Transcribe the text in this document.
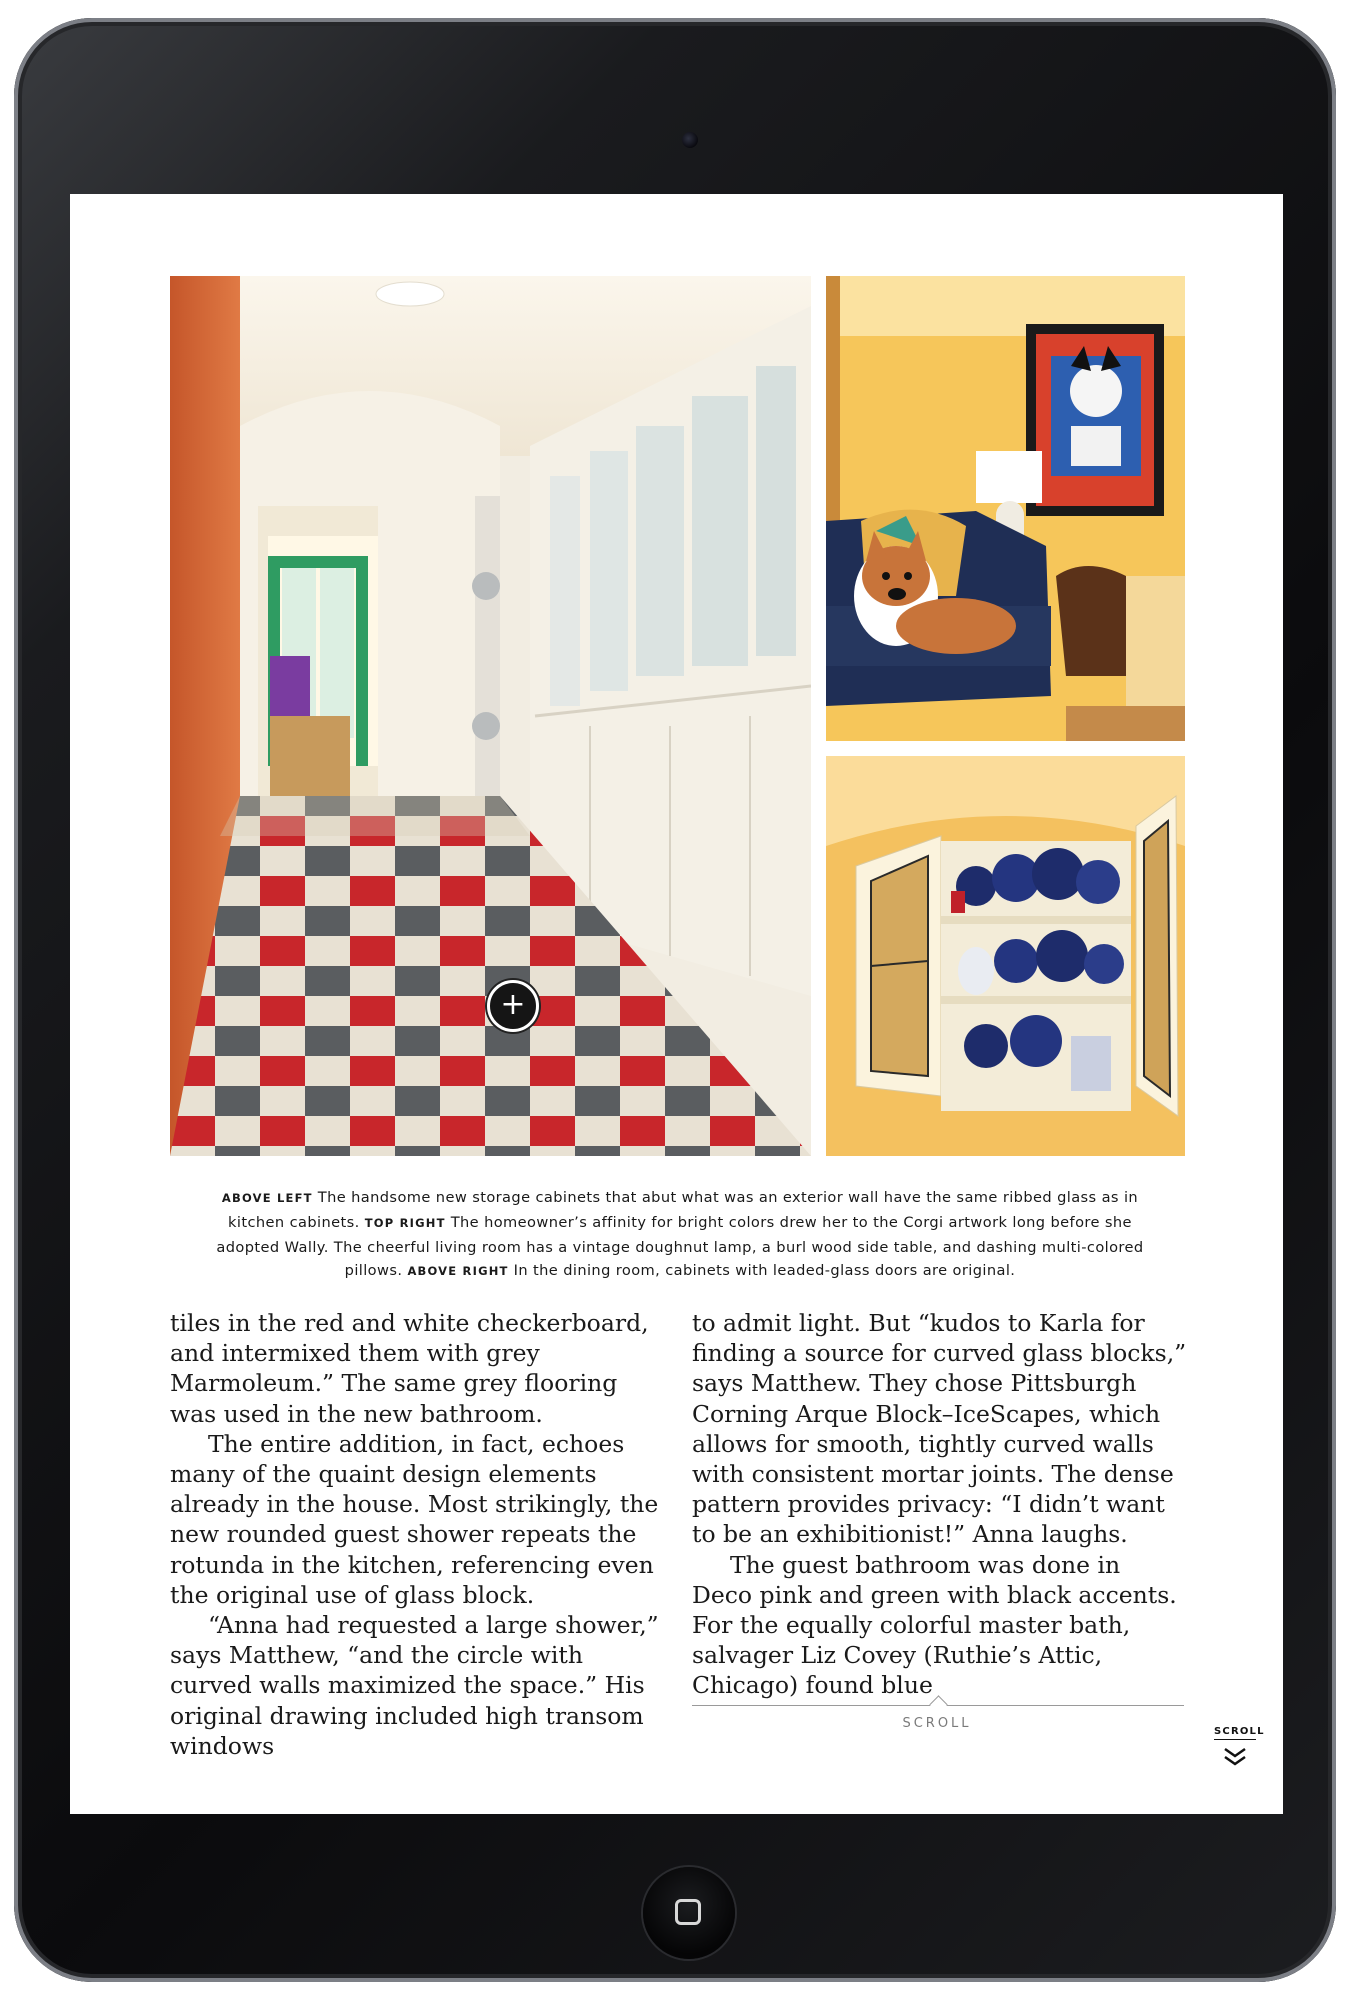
+
ABOVE LEFT The handsome new storage cabinets that abut what was an exterior wall have the same ribbed glass as in kitchen cabinets. TOP RIGHT The homeowner’s affinity for bright colors drew her to the Corgi artwork long before she adopted Wally. The cheerful living room has a vintage doughnut lamp, a burl wood side table, and dashing multi-colored pillows. ABOVE RIGHT In the dining room, cabinets with leaded-glass doors are original.

tiles in the red and white checkerboard, and intermixed them with grey Marmoleum.” The same grey flooring was used in the new bathroom.

The entire addition, in fact, echoes many of the quaint design elements already in the house. Most strikingly, the new rounded guest shower repeats the rotunda in the kitchen, referencing even the original use of glass block.

“Anna had requested a large shower,” says Matthew, “and the circle with curved walls maximized the space.” His original drawing included high transom windows

to admit light. But “kudos to Karla for finding a source for curved glass blocks,” says Matthew. They chose Pittsburgh Corning Arque Block–IceScapes, which allows for smooth, tightly curved walls with consistent mortar joints. The dense pattern provides privacy: “I didn’t want to be an exhibitionist!” Anna laughs.

The guest bathroom was done in Deco pink and green with black accents. For the equally colorful master bath, salvager Liz Covey (Ruthie’s Attic, Chicago) found blue

SCROLL
SCROLL
